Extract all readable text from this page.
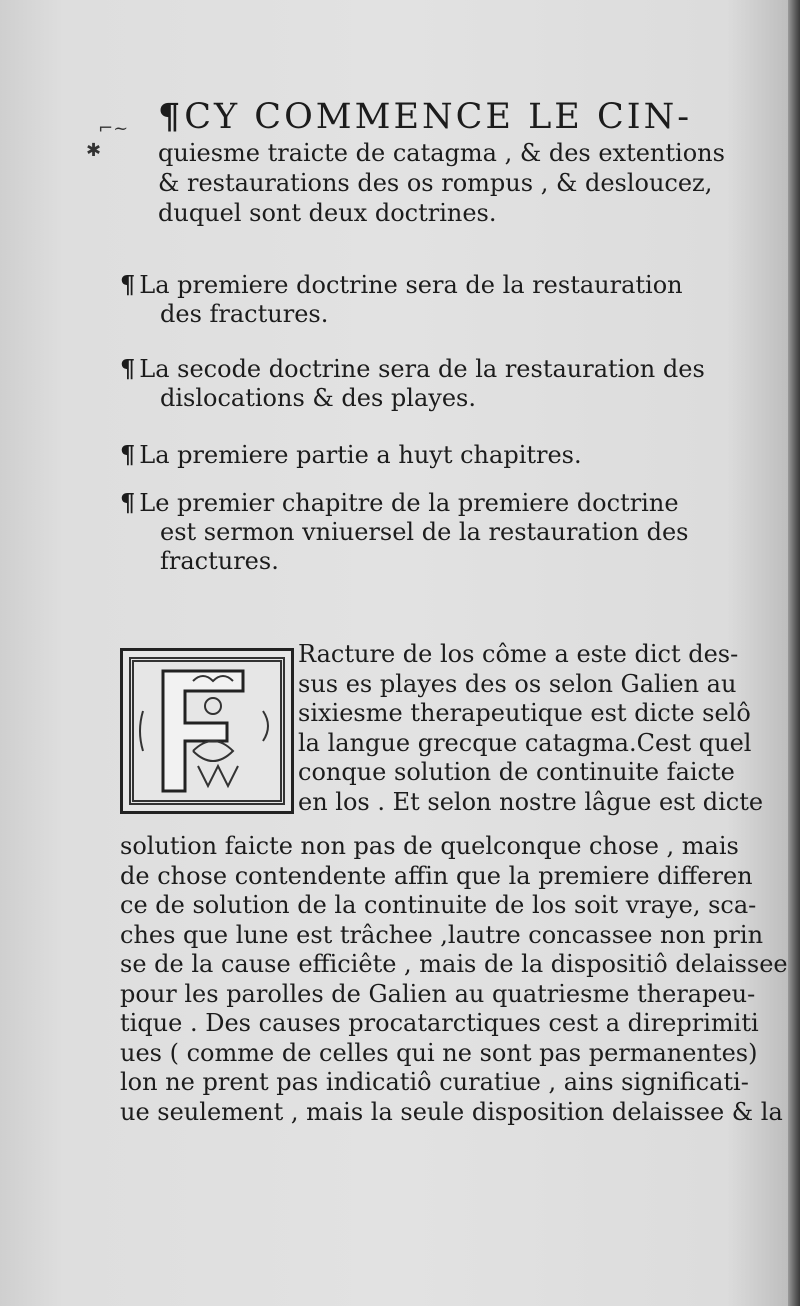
⌐~
✱
¶ CY COMMENCE LE CIN-
quiesme traicte de catagma , & des extentions
& restaurations des os rompus , & desloucez,
duquel sont deux doctrines.
¶ La premiere doctrine sera de la restauration
des fractures.
¶ La secode doctrine sera de la restauration des
dislocations & des playes.
¶ La premiere partie a huyt chapitres.
¶ Le premier chapitre de la premiere doctrine
est sermon vniuersel de la restauration des
fractures.
Racture de los côme a este dict des-
sus es playes des os selon Galien au
sixiesme therapeutique est dicte selô
la langue grecque catagma.Cest quel
conque solution de continuite faicte
en los . Et selon nostre lâgue est dicte
solution faicte non pas de quelconque chose , mais
de chose contendente affin que la premiere differen
ce de solution de la continuite de los soit vraye, sca-
ches que lune est trâchee ,lautre concassee non prin
se de la cause efficiête , mais de la dispositiô delaissee
pour les parolles de Galien au quatriesme therapeu-
tique . Des causes procatarctiques cest a direprimiti
ues ( comme de celles qui ne sont pas permanentes)
lon ne prent pas indicatiô curatiue , ains significati-
ue seulement , mais la seule disposition delaissee & la
